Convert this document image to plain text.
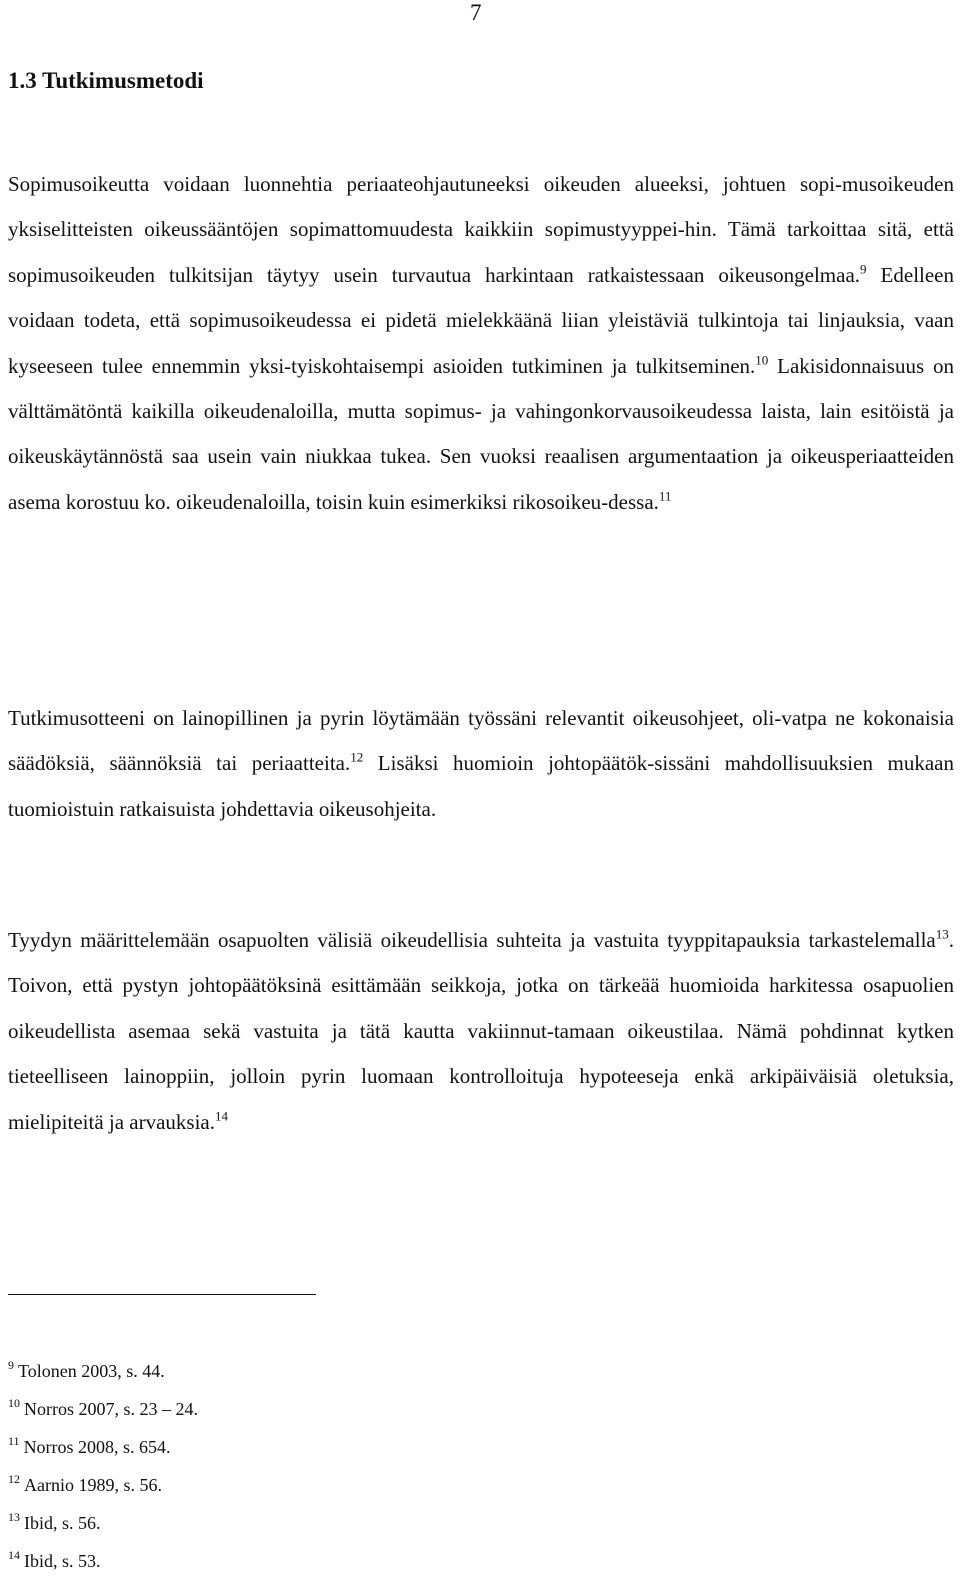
7
1.3 Tutkimusmetodi

Sopimusoikeutta voidaan luonnehtia periaateohjautuneeksi oikeuden alueeksi, johtuen sopi-musoikeuden yksiselitteisten oikeussääntöjen sopimattomuudesta kaikkiin sopimustyyppei-hin. Tämä tarkoittaa sitä, että sopimusoikeuden tulkitsijan täytyy usein turvautua harkintaan ratkaistessaan oikeusongelmaa.$^9$ Edelleen voidaan todeta, että sopimusoikeudessa ei pidetä mielekkäänä liian yleistäviä tulkintoja tai linjauksia, vaan kyseeseen tulee ennemmin yksi-tyiskohtaisempi asioiden tutkiminen ja tulkitseminen.$^{10}$ Lakisidonnaisuus on välttämätöntä kaikilla oikeudenaloilla, mutta sopimus- ja vahingonkorvausoikeudessa laista, lain esitöistä ja oikeuskäytännöstä saa usein vain niukkaa tukea. Sen vuoksi reaalisen argumentaation ja oikeusperiaatteiden asema korostuu ko. oikeudenaloilla, toisin kuin esimerkiksi rikosoikeu-dessa.$^{11}$

Tutkimusotteeni on lainopillinen ja pyrin löytämään työssäni relevantit oikeusohjeet, oli-vatpa ne kokonaisia säädöksiä, säännöksiä tai periaatteita.$^{12}$ Lisäksi huomioin johtopäätök-sissäni mahdollisuuksien mukaan tuomioistuin ratkaisuista johdettavia oikeusohjeita.

Tyydyn määrittelemään osapuolten välisiä oikeudellisia suhteita ja vastuita tyyppitapauksia tarkastelemalla$^{13}$. Toivon, että pystyn johtopäätöksinä esittämään seikkoja, jotka on tärkeää huomioida harkitessa osapuolien oikeudellista asemaa sekä vastuita ja tätä kautta vakiinnut-tamaan oikeustilaa. Nämä pohdinnat kytken tieteelliseen lainoppiin, jolloin pyrin luomaan kontrolloituja hypoteeseja enkä arkipäiväisiä oletuksia, mielipiteitä ja arvauksia.$^{14}$

$^9$ Tolonen 2003, s. 44.
$^{10}$ Norros 2007, s. 23 – 24.
$^{11}$ Norros 2008, s. 654.
$^{12}$ Aarnio 1989, s. 56.
$^{13}$ Ibid, s. 56.
$^{14}$ Ibid, s. 53.
